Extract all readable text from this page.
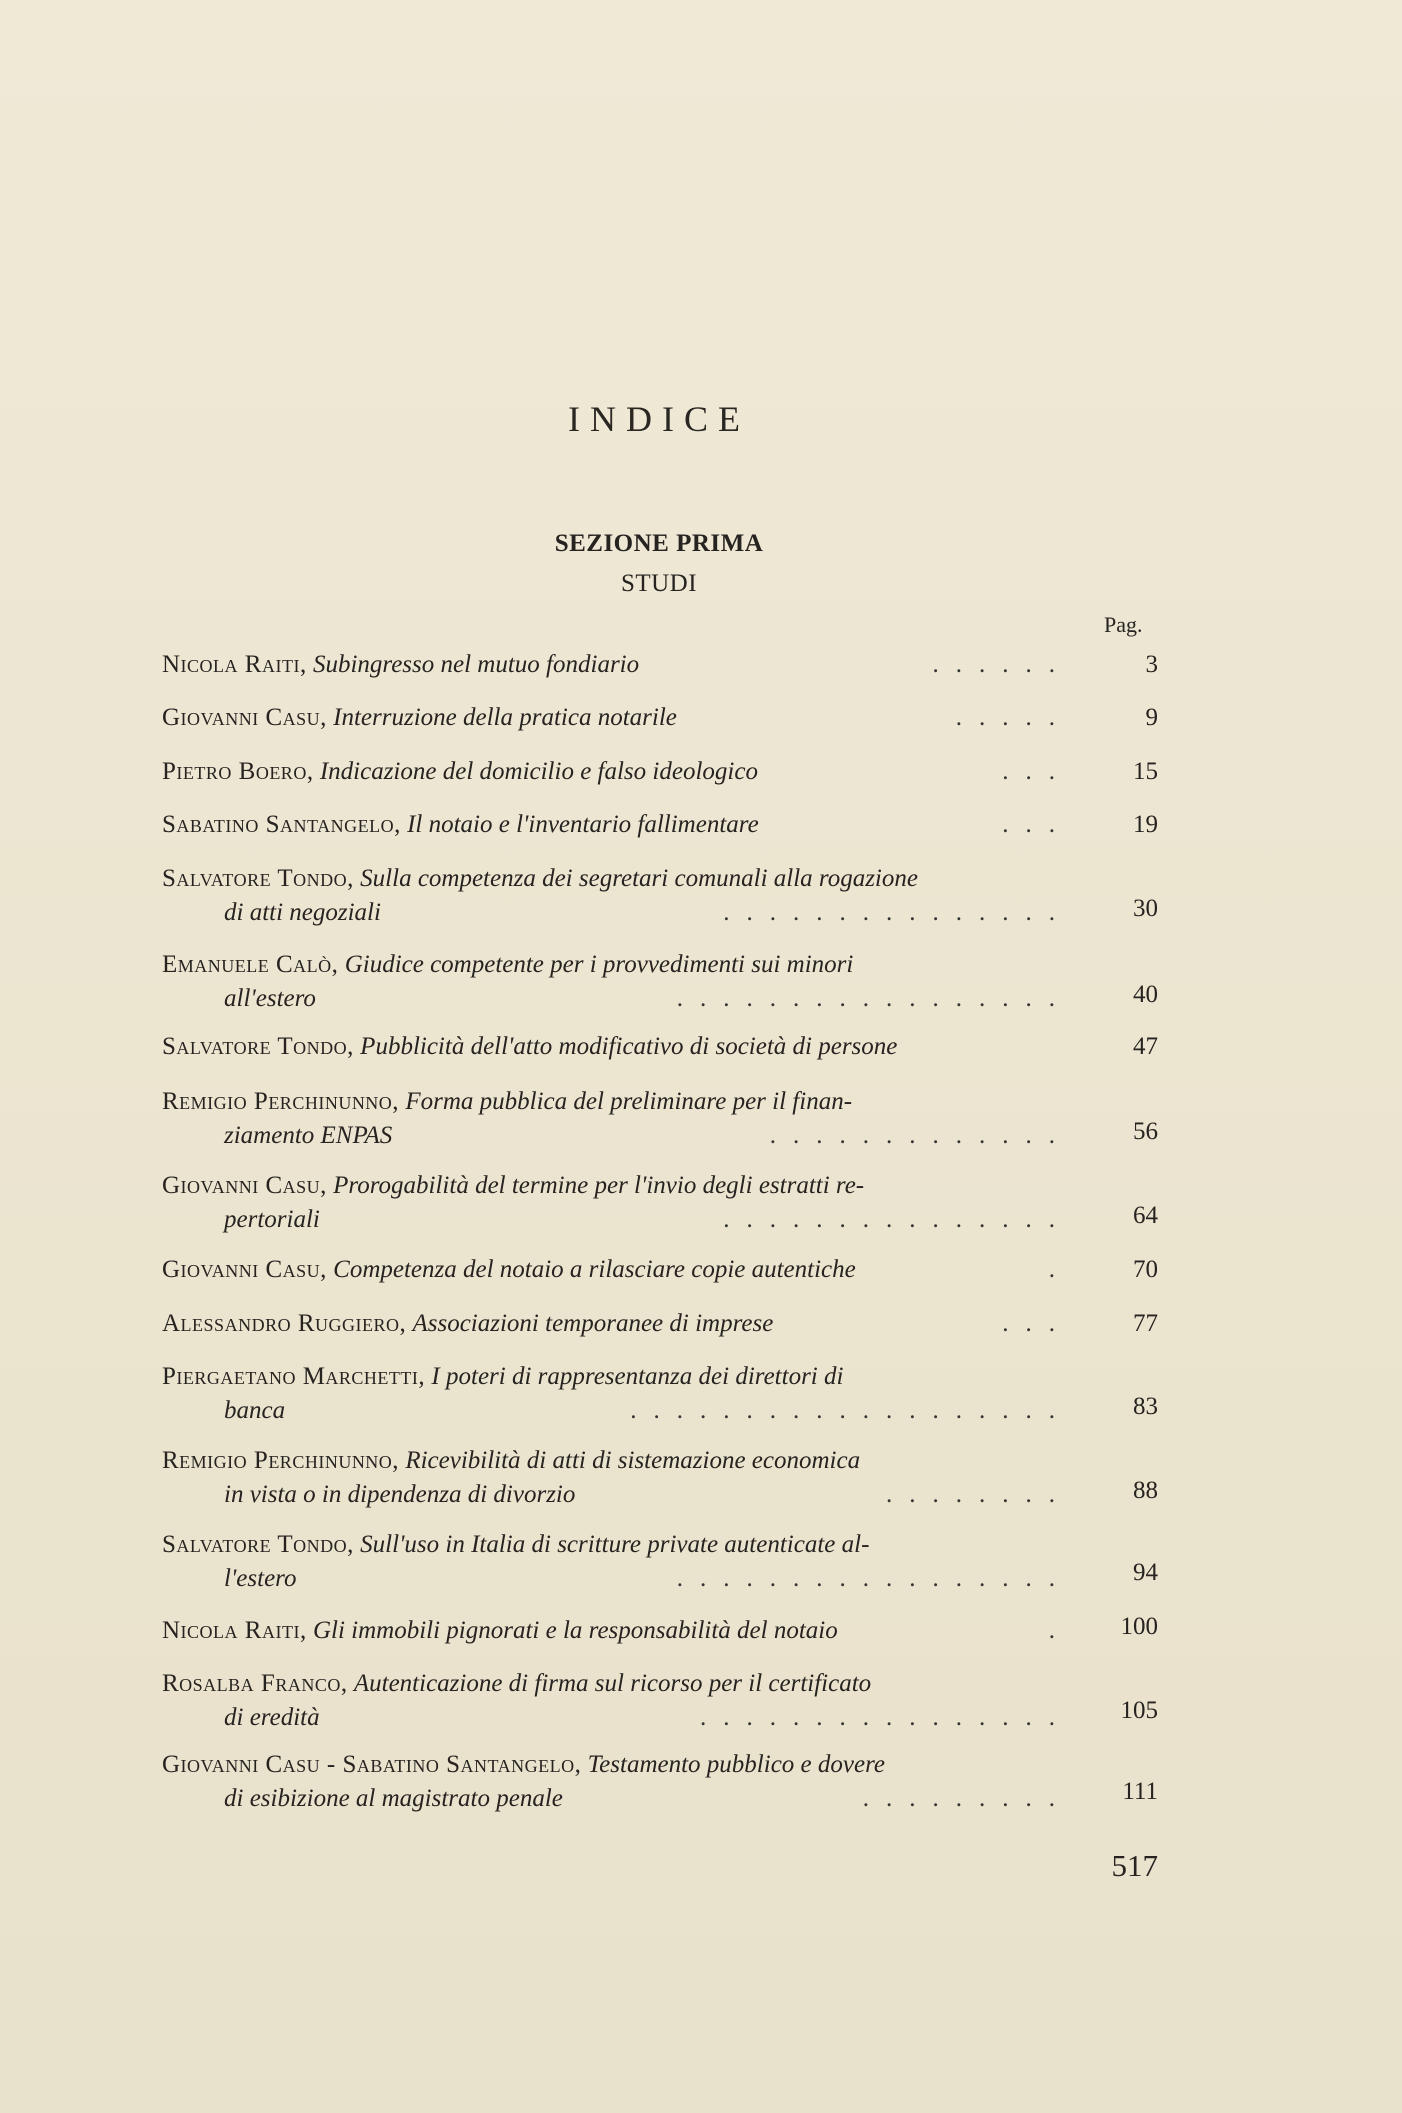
INDICE
SEZIONE PRIMA
STUDI
Pag.
Nicola Raiti, Subingresso nel mutuo fondiario	......	3
Giovanni Casu, Interruzione della pratica notarile	.....	9
Pietro Boero, Indicazione del domicilio e falso ideologico	...	15
Sabatino Santangelo, Il notaio e l'inventario fallimentare	...	19
Salvatore Tondo, Sulla competenza dei segretari comunali alla rogazione
di atti negoziali	...............	30
Emanuele Calò, Giudice competente per i provvedimenti sui minori
all'estero	.................	40
Salvatore Tondo, Pubblicità dell'atto modificativo di società di persone	47
Remigio Perchinunno, Forma pubblica del preliminare per il finan-
ziamento ENPAS	.............	56
Giovanni Casu, Prorogabilità del termine per l'invio degli estratti re-
pertoriali	...............	64
Giovanni Casu, Competenza del notaio a rilasciare copie autentiche	.	70
Alessandro Ruggiero, Associazioni temporanee di imprese	...	77
Piergaetano Marchetti, I poteri di rappresentanza dei direttori di
banca	...................	83
Remigio Perchinunno, Ricevibilità di atti di sistemazione economica
in vista o in dipendenza di divorzio	........	88
Salvatore Tondo, Sull'uso in Italia di scritture private autenticate al-
l'estero	.................	94
Nicola Raiti, Gli immobili pignorati e la responsabilità del notaio	.	100
Rosalba Franco, Autenticazione di firma sul ricorso per il certificato
di eredità	................	105
Giovanni Casu - Sabatino Santangelo, Testamento pubblico e dovere
di esibizione al magistrato penale	.........	111
517
